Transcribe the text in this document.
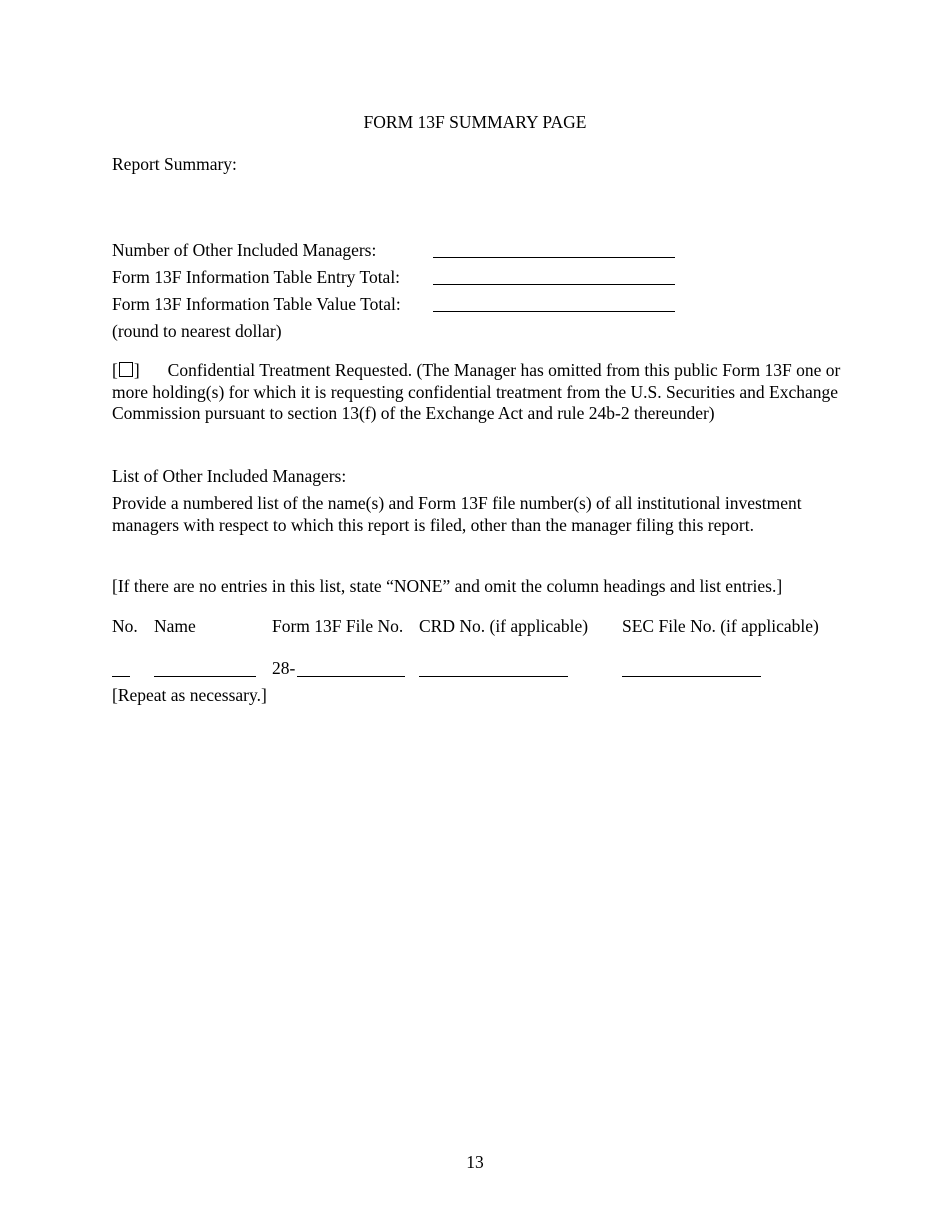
FORM 13F SUMMARY PAGE
Report Summary:
Number of Other Included Managers:
Form 13F Information Table Entry Total:
Form 13F Information Table Value Total:
(round to nearest dollar)
[ ] Confidential Treatment Requested. (The Manager has omitted from this public Form 13F one or more holding(s) for which it is requesting confidential treatment from the U.S. Securities and Exchange Commission pursuant to section 13(f) of the Exchange Act and rule 24b-2 thereunder)
List of Other Included Managers:
Provide a numbered list of the name(s) and Form 13F file number(s) of all institutional investment managers with respect to which this report is filed, other than the manager filing this report.
[If there are no entries in this list, state “NONE” and omit the column headings and list entries.]
No. Name	Form 13F File No. CRD No. (if applicable) SEC File No. (if applicable)
28-
[Repeat as necessary.]
13
